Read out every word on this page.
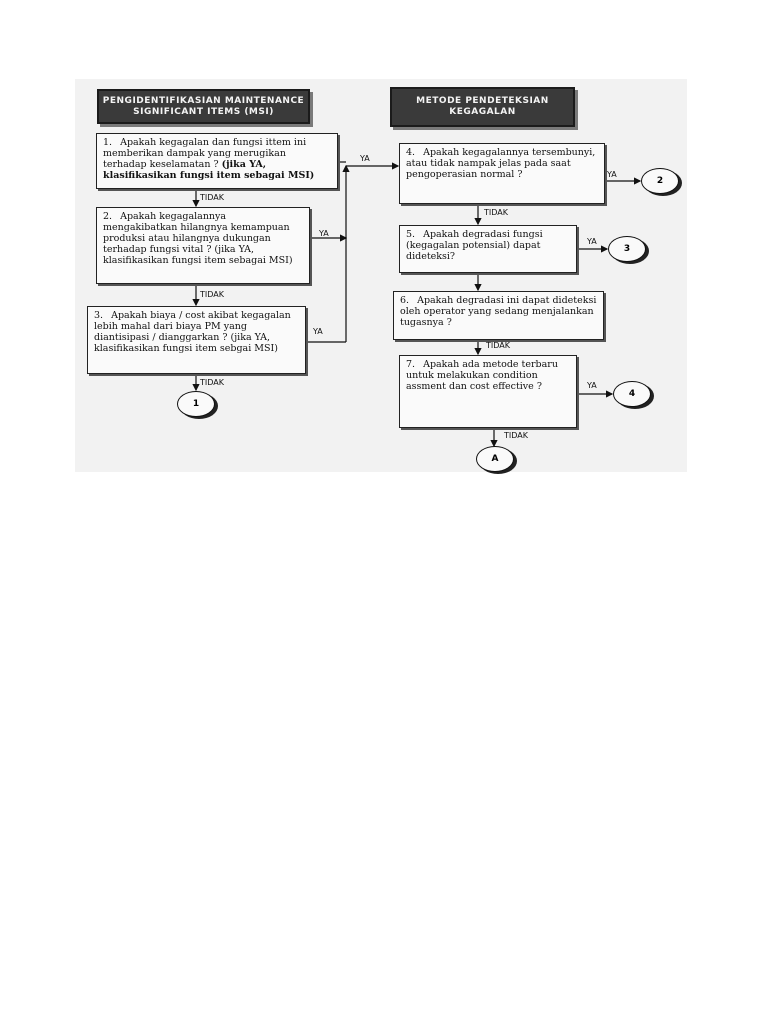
PENGIDENTIFIKASIAN MAINTENANCE SIGNIFICANT ITEMS (MSI)
METODE PENDETEKSIAN KEGAGALAN
1. Apakah kegagalan dan fungsi ittem ini memberikan dampak yang merugikan terhadap keselamatan ? (jika YA, klasifikasikan fungsi item sebagai MSI)
2. Apakah kegagalannya mengakibatkan hilangnya kemampuan produksi atau hilangnya dukungan terhadap fungsi vital ? (jika YA, klasifikasikan fungsi item sebagai MSI)
3. Apakah biaya / cost akibat kegagalan lebih mahal dari biaya PM yang diantisipasi / dianggarkan ? (jika YA, klasifikasikan fungsi item sebgai MSI)
4. Apakah kegagalannya tersembunyi, atau tidak nampak jelas pada saat pengoperasian normal ?
5. Apakah degradasi fungsi (kegagalan potensial) dapat dideteksi?
6. Apakah degradasi ini dapat dideteksi oleh operator yang sedang menjalankan tugasnya ?
7. Apakah ada metode terbaru untuk melakukan condition assment dan cost effective ?
TIDAK
TIDAK
TIDAK
YA
YA
YA
TIDAK
TIDAK
TIDAK
YA
YA
YA
1
2
3
4
A
